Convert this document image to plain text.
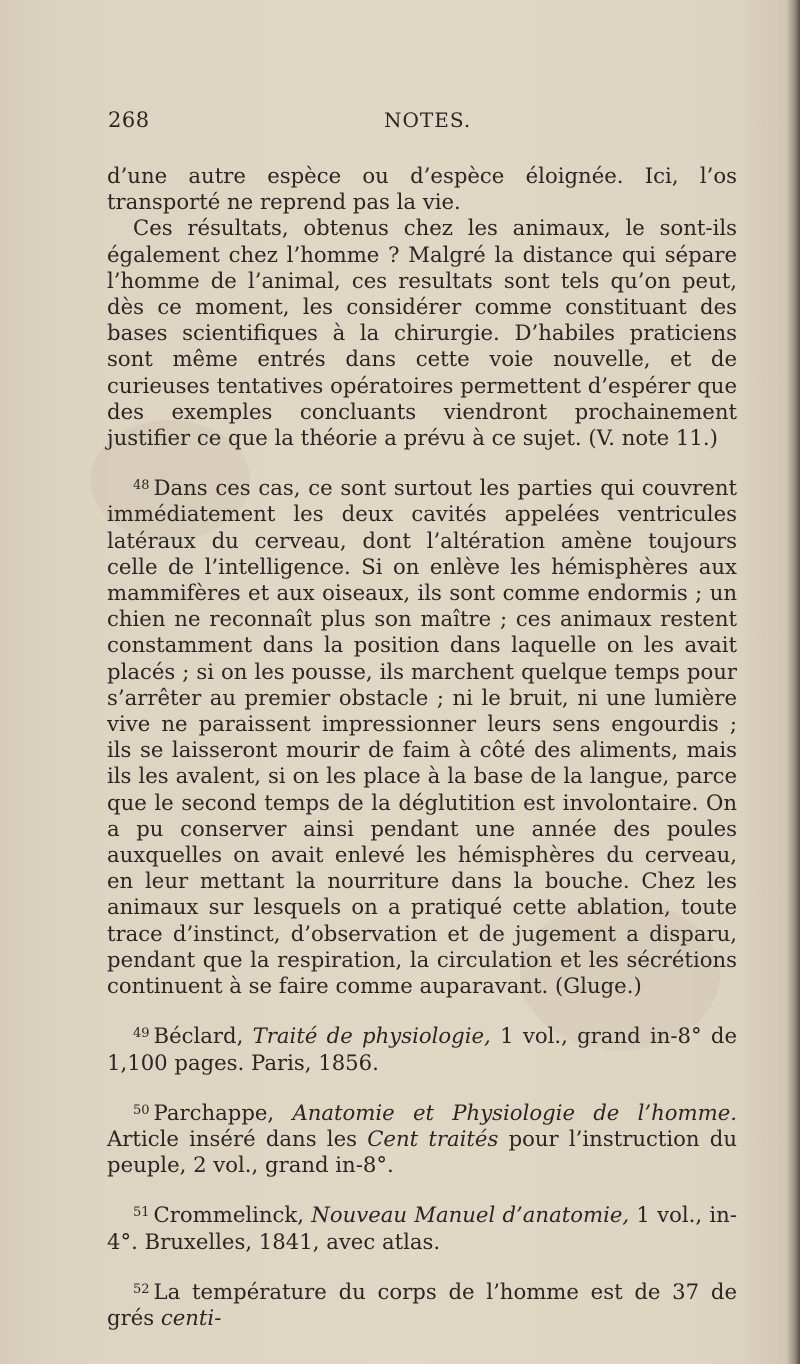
268	NOTES.

d’une autre espèce ou d’espèce éloignée. Ici, l’os transporté ne reprend pas la vie.

Ces résultats, obtenus chez les animaux, le sont-ils également chez l’homme ? Malgré la distance qui sépare l’homme de l’animal, ces resultats sont tels qu’on peut, dès ce moment, les considérer comme constituant des bases scientifiques à la chirurgie. D’habiles praticiens sont même entrés dans cette voie nouvelle, et de curieuses tentatives opératoires permettent d’espérer que des exemples concluants viendront prochainement justifier ce que la théorie a prévu à ce sujet. (V. note 11.)

$^{48}$ Dans ces cas, ce sont surtout les parties qui couvrent immédiatement les deux cavités appelées ventricules latéraux du cerveau, dont l’altération amène toujours celle de l’intelligence. Si on enlève les hémisphères aux mammifères et aux oiseaux, ils sont comme endormis ; un chien ne reconnaît plus son maître ; ces animaux restent constamment dans la position dans laquelle on les avait placés ; si on les pousse, ils marchent quelque temps pour s’arrêter au premier obstacle ; ni le bruit, ni une lumière vive ne paraissent impressionner leurs sens engourdis ; ils se laisseront mourir de faim à côté des aliments, mais ils les avalent, si on les place à la base de la langue, parce que le second temps de la déglutition est involontaire. On a pu conserver ainsi pendant une année des poules auxquelles on avait enlevé les hémisphères du cerveau, en leur mettant la nourriture dans la bouche. Chez les animaux sur lesquels on a pratiqué cette ablation, toute trace d’instinct, d’observation et de jugement a disparu, pendant que la respiration, la circulation et les sécrétions continuent à se faire comme auparavant. (Gluge.)

$^{49}$ Béclard, Traité de physiologie, 1 vol., grand in-8° de 1,100 pages. Paris, 1856.

$^{50}$ Parchappe, Anatomie et Physiologie de l’homme. Article inséré dans les Cent traités pour l’instruction du peuple, 2 vol., grand in-8°.

$^{51}$ Crommelinck, Nouveau Manuel d’anatomie, 1 vol., in-4°. Bruxelles, 1841, avec atlas.

$^{52}$ La température du corps de l’homme est de 37 de grés centi-
